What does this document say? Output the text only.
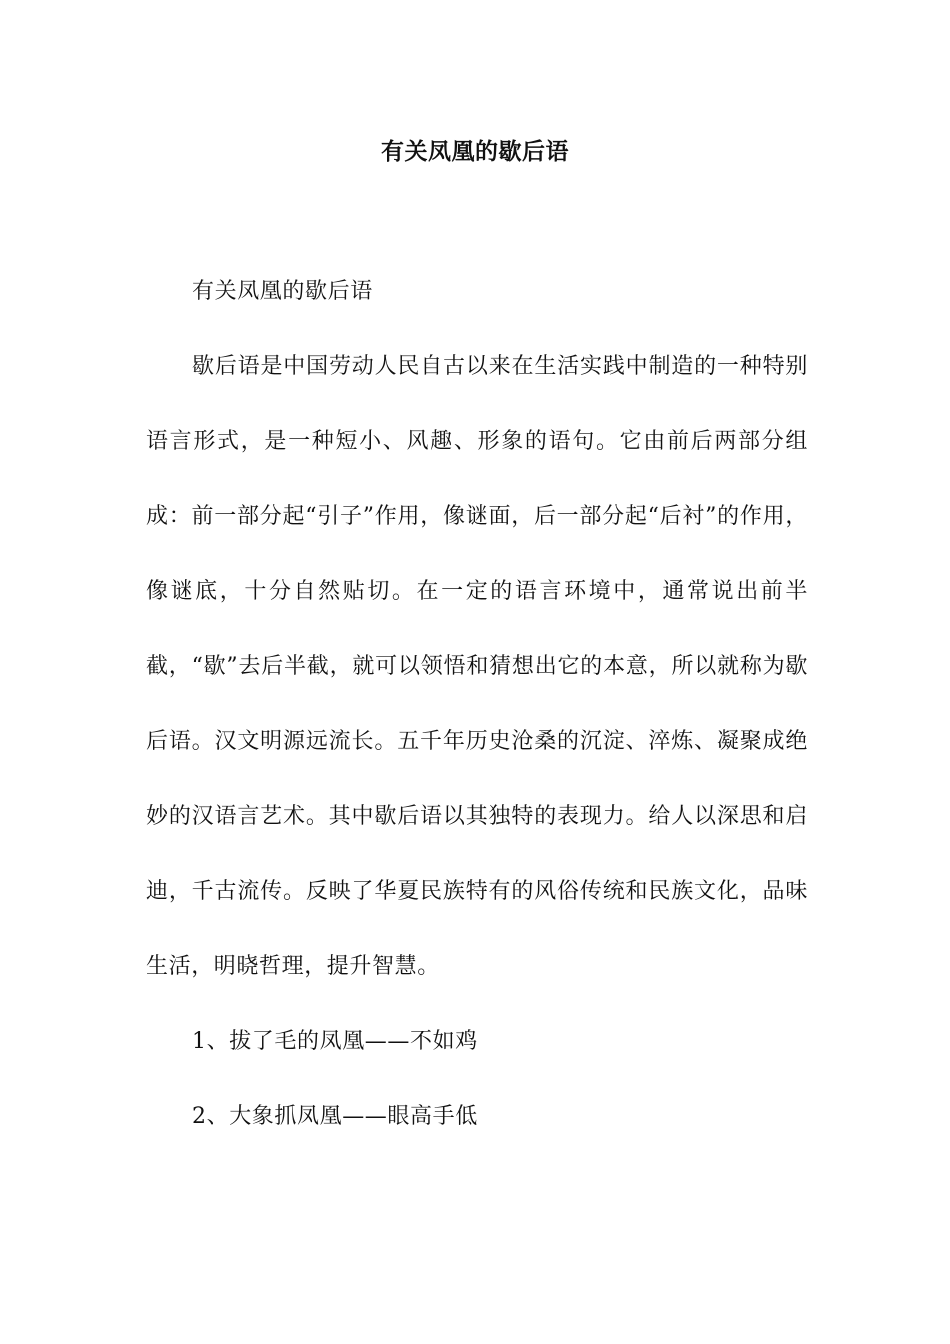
有关凤凰的歇后语

有关凤凰的歇后语

歇后语是中国劳动人民自古以来在生活实践中制造的一种特别语言形式，是一种短小、风趣、形象的语句。它由前后两部分组成：前一部分起“引子”作用，像谜面，后一部分起“后衬”的作用，像谜底，十分自然贴切。在一定的语言环境中，通常说出前半截，“歇”去后半截，就可以领悟和猜想出它的本意，所以就称为歇后语。汉文明源远流长。五千年历史沧桑的沉淀、淬炼、凝聚成绝妙的汉语言艺术。其中歇后语以其独特的表现力。给人以深思和启迪，千古流传。反映了华夏民族特有的风俗传统和民族文化，品味生活，明晓哲理，提升智慧。

1、拔了毛的凤凰——不如鸡

2、大象抓凤凰——眼高手低
